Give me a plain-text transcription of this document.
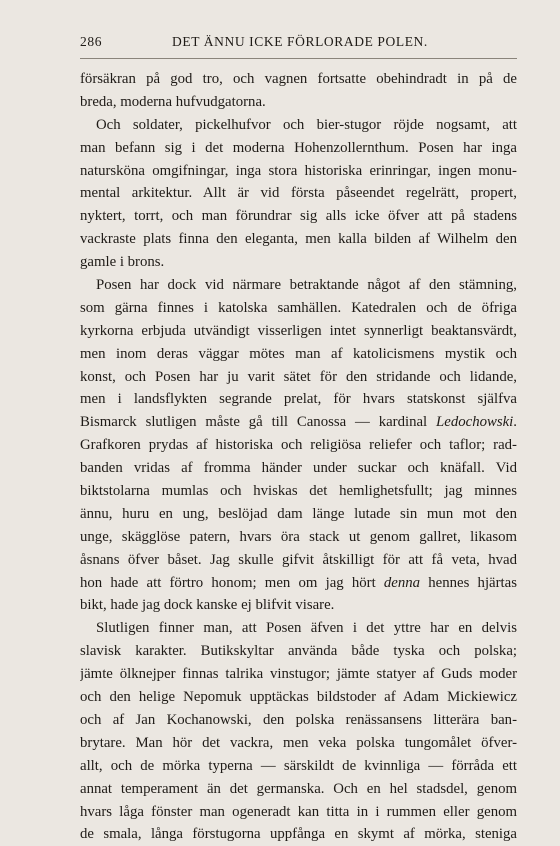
286	DET ÄNNU ICKE FÖRLORADE POLEN.
försäkran på god tro, och vagnen fortsatte obehindradt in på de
breda, moderna hufvudgatorna.
Och soldater, pickelhufvor och bier-stugor röjde nogsamt, att
man befann sig i det moderna Hohenzollernthum. Posen har inga
natursköna omgifningar, inga stora historiska erinringar, ingen monu-
mental arkitektur. Allt är vid första påseendet regelrätt, propert,
nyktert, torrt, och man förundrar sig alls icke öfver att på stadens
vackraste plats finna den eleganta, men kalla bilden af Wilhelm den
gamle i brons.
Posen har dock vid närmare betraktande något af den stämning,
som gärna finnes i katolska samhällen. Katedralen och de öfriga
kyrkorna erbjuda utvändigt visserligen intet synnerligt beaktansvärdt,
men inom deras väggar mötes man af katolicismens mystik och
konst, och Posen har ju varit sätet för den stridande och lidande,
men i landsflykten segrande prelat, för hvars statskonst själfva
Bismarck slutligen måste gå till Canossa — kardinal Ledochowski.
Grafkoren prydas af historiska och religiösa reliefer och taflor; rad-
banden vridas af fromma händer under suckar och knäfall. Vid
biktstolarna mumlas och hviskas det hemlighetsfullt; jag minnes
ännu, huru en ung, beslöjad dam länge lutade sin mun mot den
unge, skägglöse patern, hvars öra stack ut genom gallret, likasom
åsnans öfver båset. Jag skulle gifvit åtskilligt för att få veta, hvad
hon hade att förtro honom; men om jag hört denna hennes hjärtas
bikt, hade jag dock kanske ej blifvit visare.
Slutligen finner man, att Posen äfven i det yttre har en delvis
slavisk karakter. Butikskyltar använda både tyska och polska;
jämte ölknejper finnas talrika vinstugor; jämte statyer af Guds moder
och den helige Nepomuk upptäckas bildstoder af Adam Mickiewicz
och af Jan Kochanowski, den polska renässansens litterära ban-
brytare. Man hör det vackra, men veka polska tungomålet öfver-
allt, och de mörka typerna — särskildt de kvinnliga — förråda ett
annat temperament än det germanska. Och en hel stadsdel, genom
hvars låga fönster man ogeneradt kan titta in i rummen eller genom
de smala, långa förstugorna uppfånga en skymt af mörka, steniga
